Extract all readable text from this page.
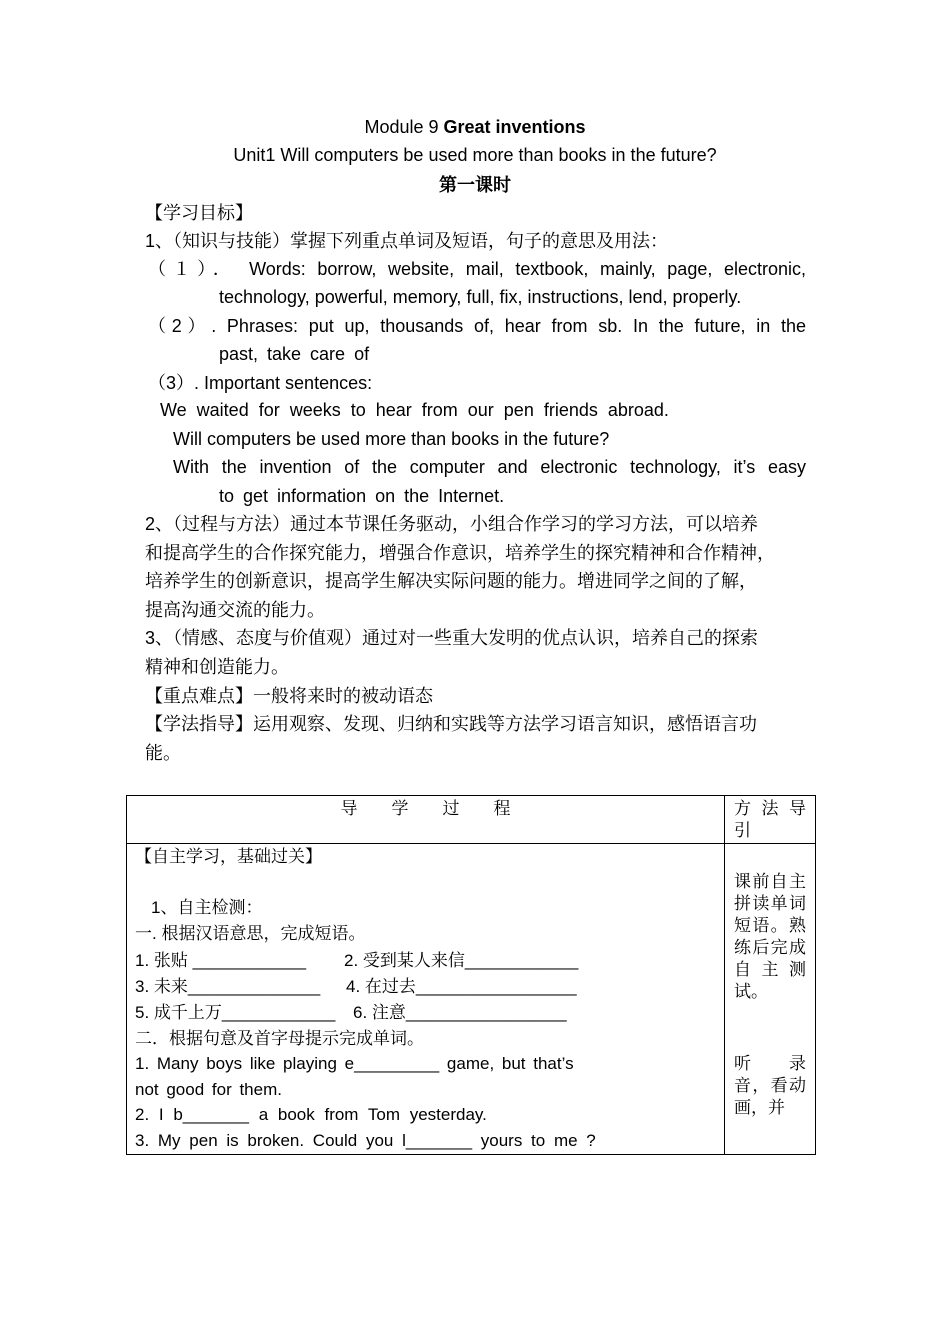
Module 9 Great inventions
Unit1 Will computers be used more than books in the future?
第一课时
【学习目标】
1、（知识与技能）掌握下列重点单词及短语，句子的意思及用法：
（１）． Words: borrow, website, mail, textbook, mainly, page, electronic,
technology, powerful, memory, full, fix, instructions, lend, properly.
（2）. Phrases: put up, thousands of, hear from sb. In the future, in the
past, take care of
（3）. Important sentences:
We waited for weeks to hear from our pen friends abroad.
Will computers be used more than books in the future?
With the invention of the computer and electronic technology, it’s easy
to get information on the Internet.
2、（过程与方法）通过本节课任务驱动，小组合作学习的学习方法，可以培养
和提高学生的合作探究能力，增强合作意识，培养学生的探究精神和合作精神，
培养学生的创新意识，提高学生解决实际问题的能力。增进同学之间的了解，
提高沟通交流的能力。
3、（情感、态度与价值观）通过对一些重大发明的优点认识，培养自己的探索
精神和创造能力。
【重点难点】一般将来时的被动语态
【学法指导】运用观察、发现、归纳和实践等方法学习语言知识，感悟语言功
能。
导　　学　　过　　程	方 法 导 引
【自主学习，基础过关】
1、自主检测：
一. 根据汉语意思，完成短语。
1. 张贴 ____________ 2. 受到某人来信____________
3. 未来______________ 4. 在过去_________________
5. 成千上万____________ 6. 注意_________________
二．根据句意及首字母提示完成单词。
1. Many boys like playing e_________ game, but that’s
not good for them.
2. I b_______ a book from Tom yesterday.
3. My pen is broken. Could you l_______ yours to me ?
课前自主拼读单词短语。熟练后完成自主测试。
听　　录音，看动画，并
